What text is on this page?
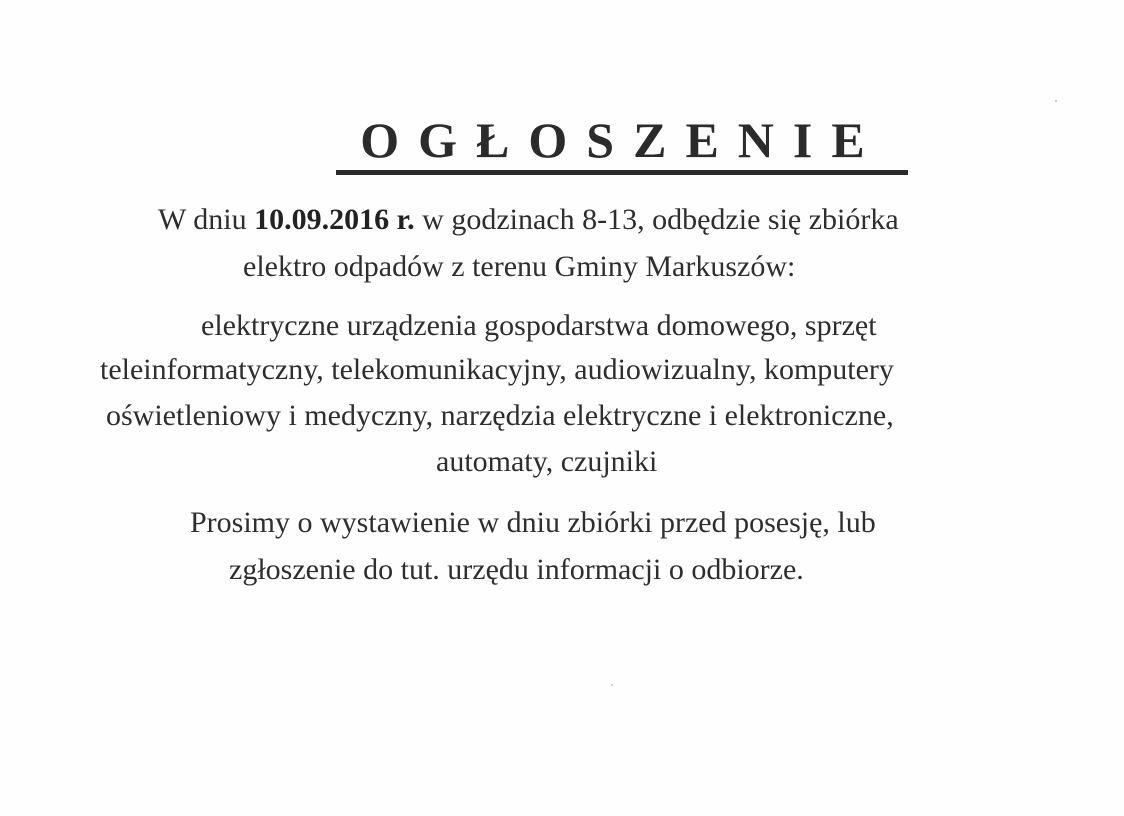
OGŁOSZENIE
W dniu 10.09.2016 r. w godzinach 8-13, odbędzie się zbiórka
elektro odpadów z terenu Gminy Markuszów:
elektryczne urządzenia gospodarstwa domowego, sprzęt
teleinformatyczny, telekomunikacyjny, audiowizualny, komputery
oświetleniowy i medyczny, narzędzia elektryczne i elektroniczne,
automaty, czujniki
Prosimy o wystawienie w dniu zbiórki przed posesję, lub
zgłoszenie do tut. urzędu informacji o odbiorze.
